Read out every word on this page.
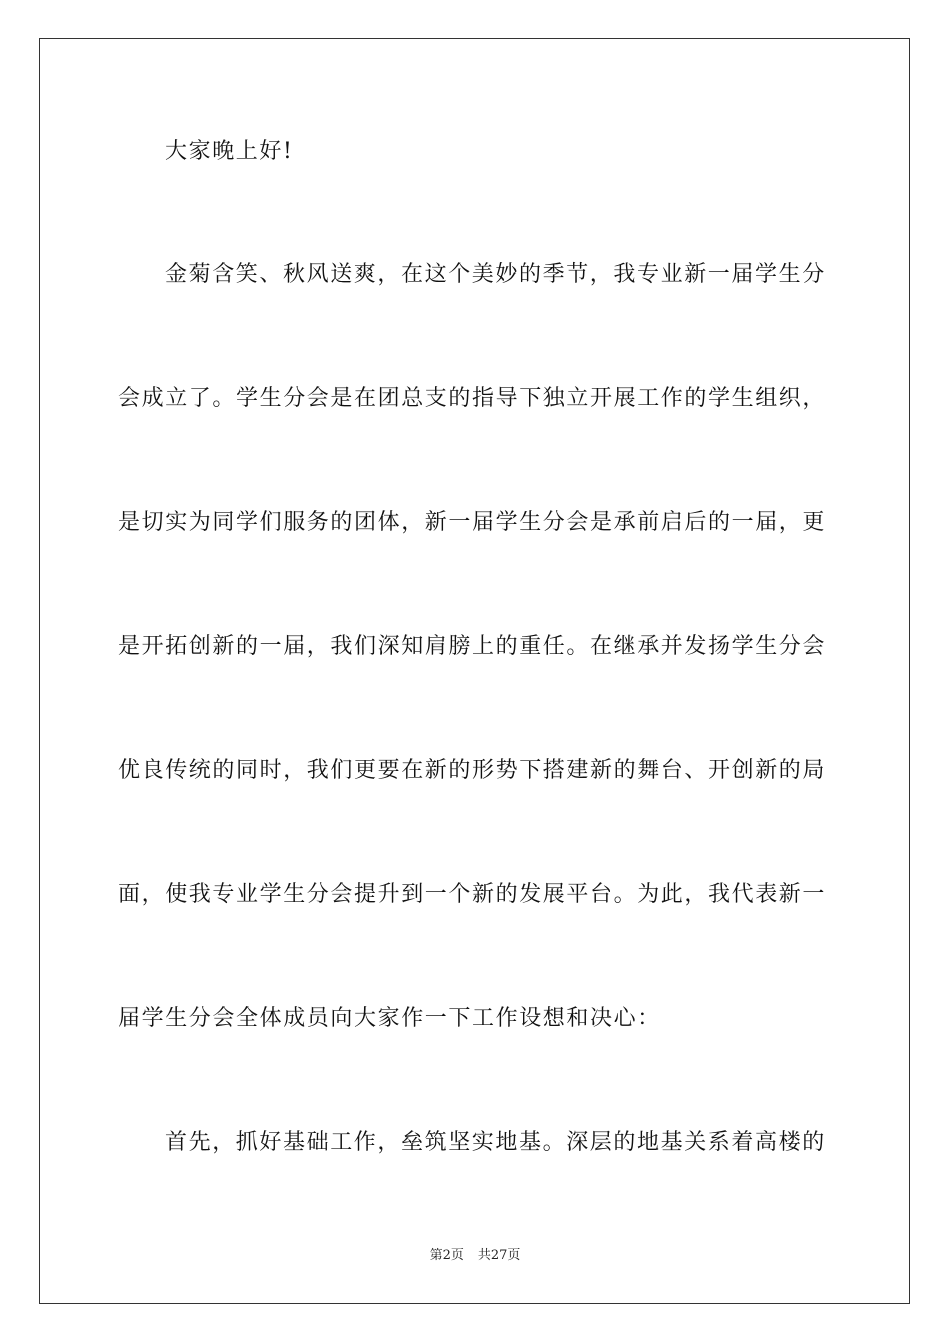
大家晚上好!
金菊含笑、秋风送爽，在这个美妙的季节，我专业新一届学生分
会成立了。学生分会是在团总支的指导下独立开展工作的学生组织，
是切实为同学们服务的团体，新一届学生分会是承前启后的一届，更
是开拓创新的一届，我们深知肩膀上的重任。在继承并发扬学生分会
优良传统的同时，我们更要在新的形势下搭建新的舞台、开创新的局
面，使我专业学生分会提升到一个新的发展平台。为此，我代表新一
届学生分会全体成员向大家作一下工作设想和决心：
首先，抓好基础工作，垒筑坚实地基。深层的地基关系着高楼的
第2页 共27页
